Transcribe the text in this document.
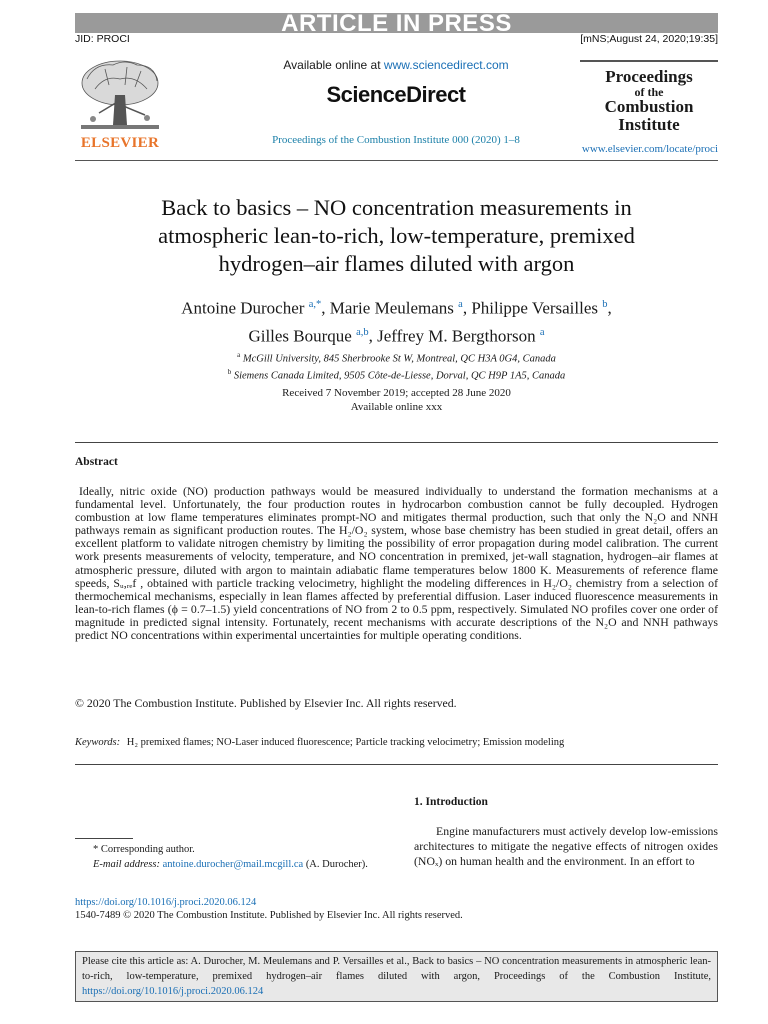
ARTICLE IN PRESS
JID: PROCI	[mNS;August 24, 2020;19:35]
ELSEVIER
Available online at www.sciencedirect.com
ScienceDirect
Proceedings of the Combustion Institute 000 (2020) 1–8
Proceedings
of the
Combustion
Institute
www.elsevier.com/locate/proci
Back to basics – NO concentration measurements in
atmospheric lean-to-rich, low-temperature, premixed
hydrogen–air flames diluted with argon
Antoine Durocher $^{a,*}$, Marie Meulemans $^a$, Philippe Versailles $^b$,
Gilles Bourque $^{a,b}$, Jeffrey M. Bergthorson $^a$
$^a$ McGill University, 845 Sherbrooke St W, Montreal, QC H3A 0G4, Canada
$^b$ Siemens Canada Limited, 9505 Côte-de-Liesse, Dorval, QC H9P 1A5, Canada
Received 7 November 2019; accepted 28 June 2020
Available online xxx
Abstract

Ideally, nitric oxide (NO) production pathways would be measured individually to understand the formation mechanisms at a fundamental level. Unfortunately, the four production routes in hydrocarbon combustion cannot be fully decoupled. Hydrogen combustion at low flame temperatures eliminates prompt-NO and mitigates thermal production, such that only the N₂O and NNH pathways remain as significant production routes. The H₂/O₂ system, whose base chemistry has been studied in great detail, offers an excellent platform to validate nitrogen chemistry by limiting the possibility of error propagation during model calibration. The current work presents measurements of velocity, temperature, and NO concentration in premixed, jet-wall stagnation, hydrogen–air flames at atmospheric pressure, diluted with argon to maintain adiabatic flame temperatures below 1800 K. Measurements of reference flame speeds, Sᵤ,ᵣₑf , obtained with particle tracking velocimetry, highlight the modeling differences in H₂/O₂ chemistry from a selection of thermochemical mechanisms, especially in lean flames affected by preferential diffusion. Laser induced fluorescence measurements in lean-to-rich flames (ϕ = 0.7–1.5) yield concentrations of NO from 2 to 0.5 ppm, respectively. Simulated NO profiles cover one order of magnitude in predicted signal intensity. Fortunately, recent mechanisms with accurate descriptions of the N₂O and NNH pathways predict NO concentrations within experimental uncertainties for multiple operating conditions.

© 2020 The Combustion Institute. Published by Elsevier Inc. All rights reserved.
Keywords: H₂ premixed flames; NO-Laser induced fluorescence; Particle tracking velocimetry; Emission modeling
1. Introduction

Engine manufacturers must actively develop low-emissions architectures to mitigate the negative effects of nitrogen oxides (NOₓ) on human health and the environment. In an effort to

* Corresponding author.
E-mail address: antoine.durocher@mail.mcgill.ca (A. Durocher).
https://doi.org/10.1016/j.proci.2020.06.124
1540-7489 © 2020 The Combustion Institute. Published by Elsevier Inc. All rights reserved.
Please cite this article as: A. Durocher, M. Meulemans and P. Versailles et al., Back to basics – NO concentration measurements in atmospheric lean-to-rich, low-temperature, premixed hydrogen–air flames diluted with argon, Proceedings of the Combustion Institute, https://doi.org/10.1016/j.proci.2020.06.124
